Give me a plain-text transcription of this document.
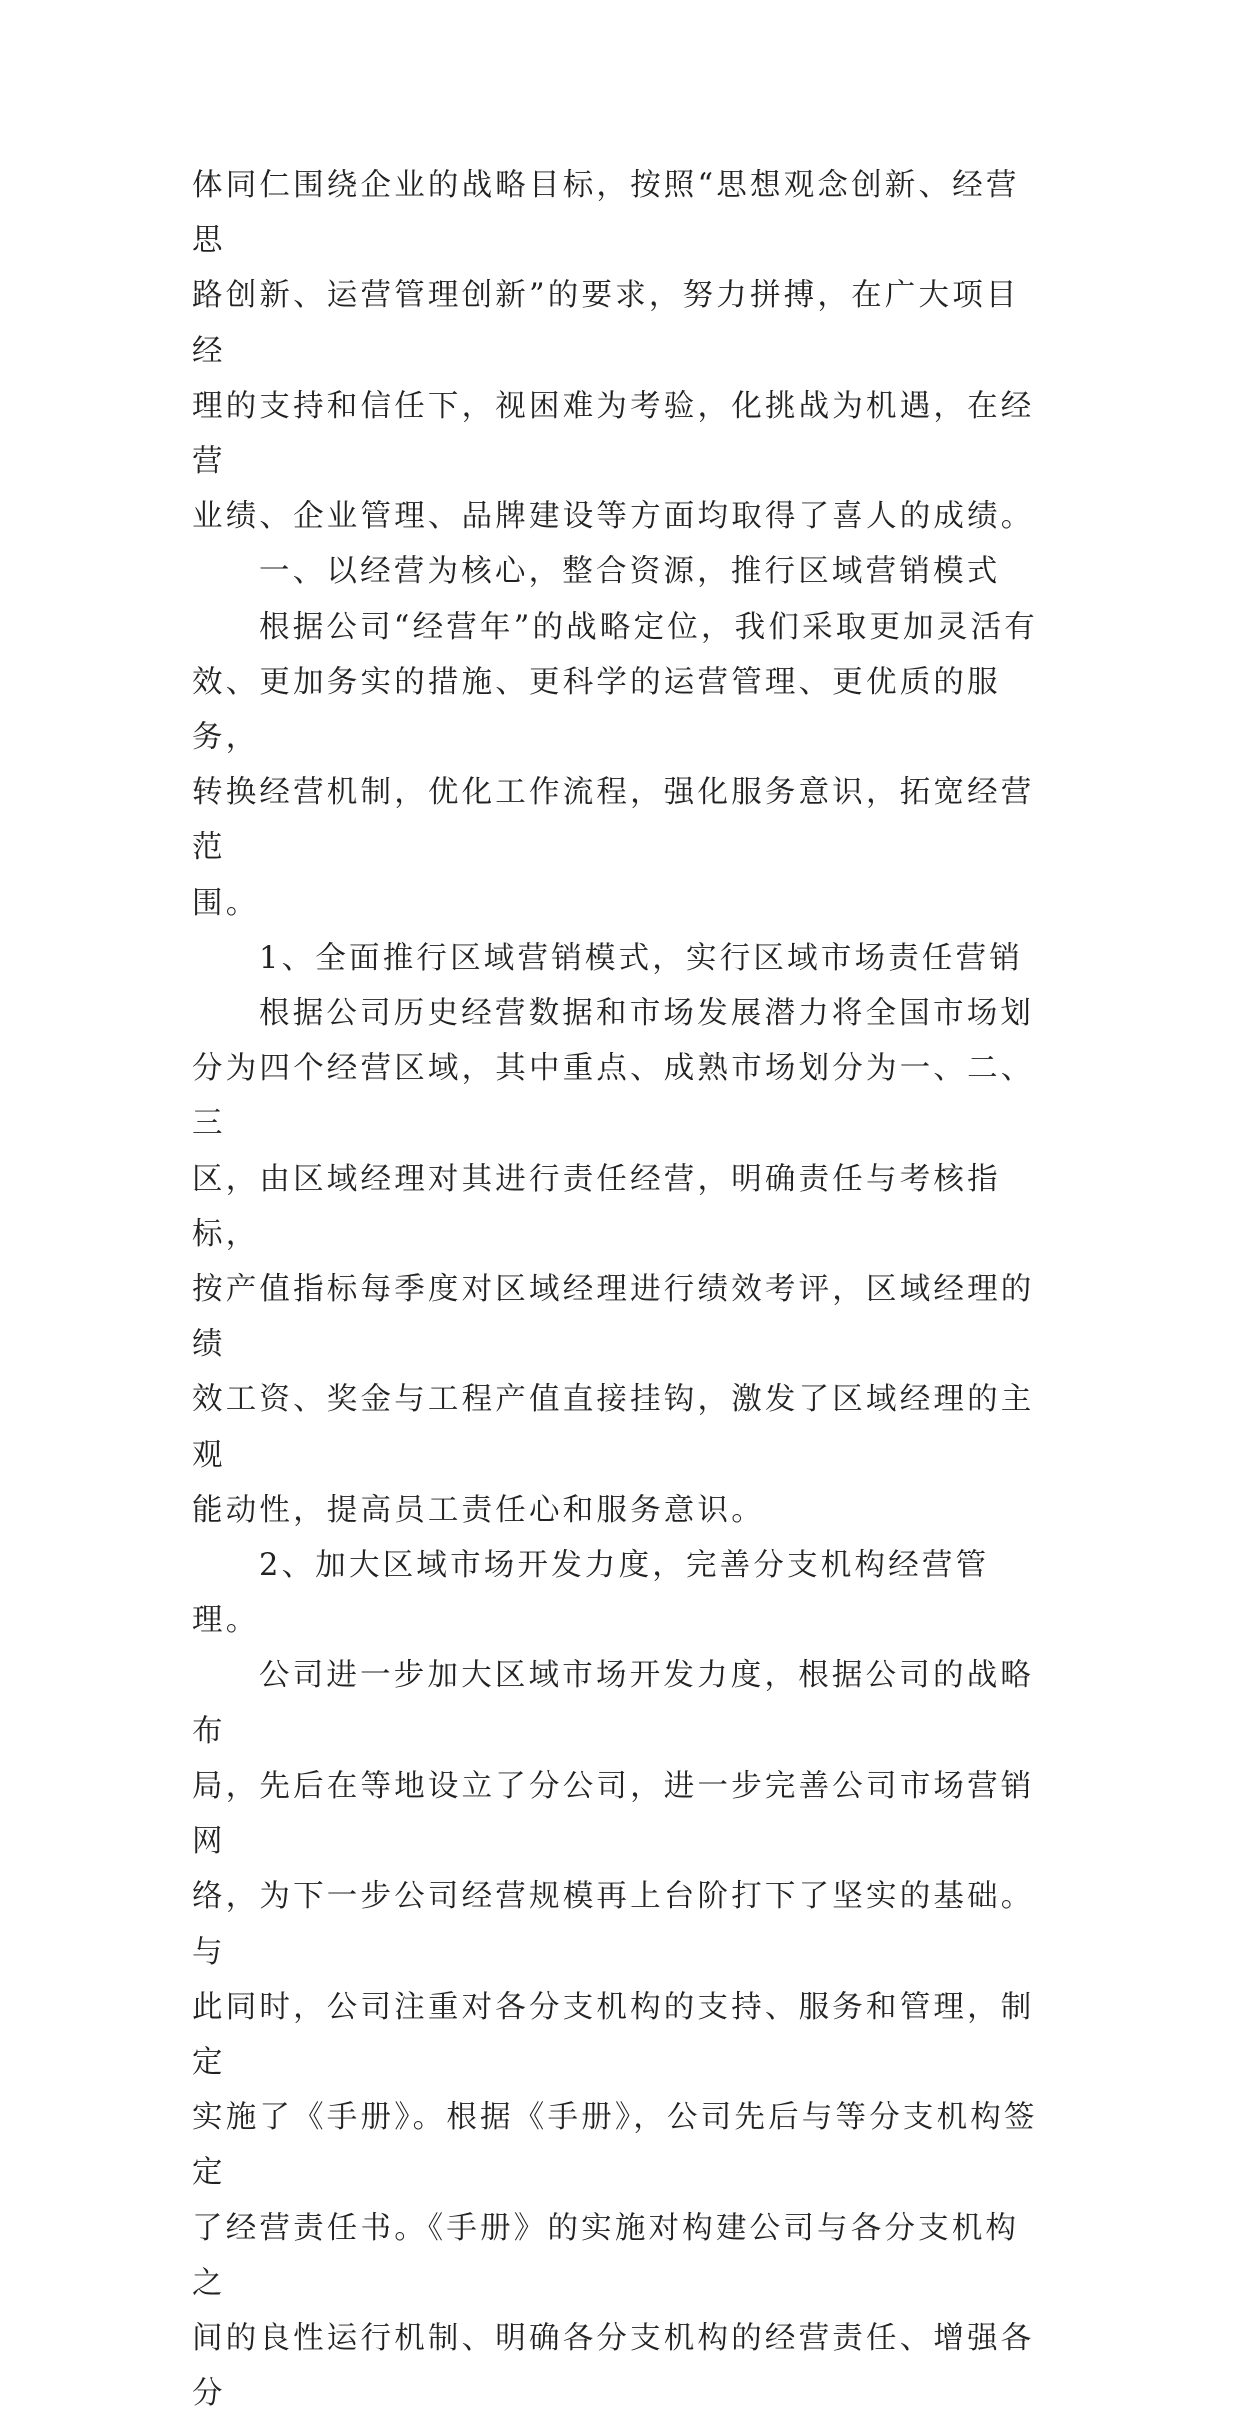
体同仁围绕企业的战略目标，按照“思想观念创新、经营思

路创新、运营管理创新”的要求，努力拼搏，在广大项目经

理的支持和信任下，视困难为考验，化挑战为机遇，在经营

业绩、企业管理、品牌建设等方面均取得了喜人的成绩。

一、以经营为核心，整合资源，推行区域营销模式

根据公司“经营年”的战略定位，我们采取更加灵活有

效、更加务实的措施、更科学的运营管理、更优质的服务，

转换经营机制，优化工作流程，强化服务意识，拓宽经营范

围。

1、全面推行区域营销模式，实行区域市场责任营销

根据公司历史经营数据和市场发展潜力将全国市场划

分为四个经营区域，其中重点、成熟市场划分为一、二、三

区，由区域经理对其进行责任经营，明确责任与考核指标，

按产值指标每季度对区域经理进行绩效考评，区域经理的绩

效工资、奖金与工程产值直接挂钩，激发了区域经理的主观

能动性，提高员工责任心和服务意识。

2、加大区域市场开发力度，完善分支机构经营管理。

公司进一步加大区域市场开发力度，根据公司的战略布

局，先后在等地设立了分公司，进一步完善公司市场营销网

络，为下一步公司经营规模再上台阶打下了坚实的基础。与

此同时，公司注重对各分支机构的支持、服务和管理，制定

实施了《手册》。根据《手册》，公司先后与等分支机构签定

了经营责任书。《手册》的实施对构建公司与各分支机构之

间的良性运行机制、明确各分支机构的经营责任、增强各分
